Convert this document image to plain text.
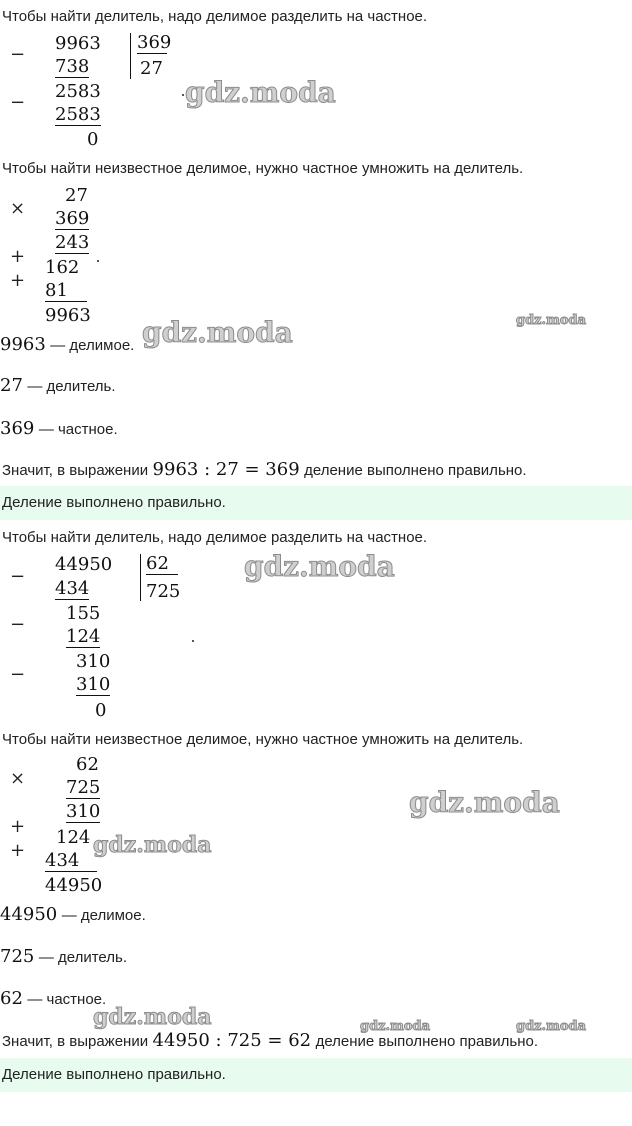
Чтобы найти делитель, надо делимое разделить на частное.
−
9963
738
369
27
−
2583
2583
0
gdz.moda
Чтобы найти неизвестное делимое, нужно частное умножить на делитель.
×
27
369
243
+
162
+ 81
9963
9963 — делимое. gdz.moda	gdz.moda
27 — делитель.
369 — частное.
Значит, в выражении 9963 : 27 = 369 деление выполнено правильно.
Деление выполнено правильно.
Чтобы найти делитель, надо делимое разделить на частное.
−
44950
434
62
725
−
155
124
−
310
310
0
gdz.moda
Чтобы найти неизвестное делимое, нужно частное умножить на делитель.
×
62
725
310
+
124
+ 434
44950
gdz.moda
gdz.moda
44950 — делимое.
725 — делитель.
62 — частное.
gdz.moda	gdz.moda	gdz.moda
Значит, в выражении 44950 : 725 = 62 деление выполнено правильно.
Деление выполнено правильно.
